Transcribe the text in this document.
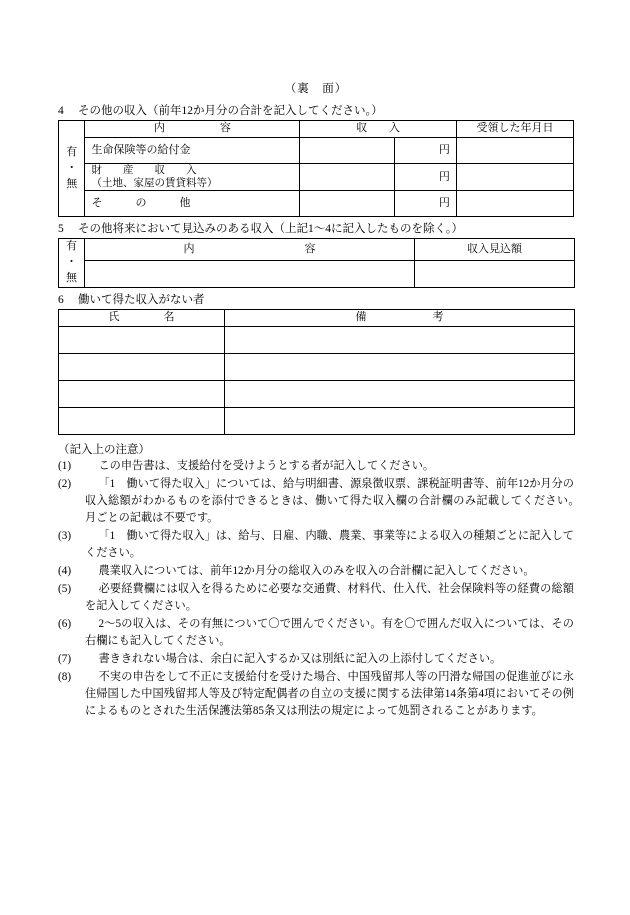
（裏　面）
4 その他の収入（前年12か月分の合計を記入してください。）
有
・
無	内　　　　　容	収　　入		受領した年月日
	生命保険等の給付金		円	

	財　　産　　収　　入
（土地、家屋の賃貸料等）		円	
	そ　　　の　　　他		円	
5 その他将来において見込みのある収入（上記1～4に記入したものを除く。）
有
・
無	内　　　　　　　　　　容	収入見込額

6 働いて得た収入がない者
氏　　　　名	備　　　　　　考

（記入上の注意）
(1)	この申告書は、支援給付を受けようとする者が記入してください。
(2)	「1　働いて得た収入」については、給与明細書、源泉徴収票、課税証明書等、前年12か月分の収入総額がわかるものを添付できるときは、働いて得た収入欄の合計欄のみ記載してください。　　　月ごとの記載は不要です。
(3)	「1　働いて得た収入」は、給与、日雇、内職、農業、事業等による収入の種類ごとに記入してください。
(4)	農業収入については、前年12か月分の総収入のみを収入の合計欄に記入してください。
(5)	必要経費欄には収入を得るために必要な交通費、材料代、仕入代、社会保険料等の経費の総額を記入してください。
(6)	2～5の収入は、その有無について〇で囲んでください。有を〇で囲んだ収入については、その右欄にも記入してください。
(7)	書ききれない場合は、余白に記入するか又は別紙に記入の上添付してください。
(8)	不実の申告をして不正に支援給付を受けた場合、中国残留邦人等の円滑な帰国の促進並びに永住帰国した中国残留邦人等及び特定配偶者の自立の支援に関する法律第14条第4項においてその例によるものとされた生活保護法第85条又は刑法の規定によって処罰されることがあります。
